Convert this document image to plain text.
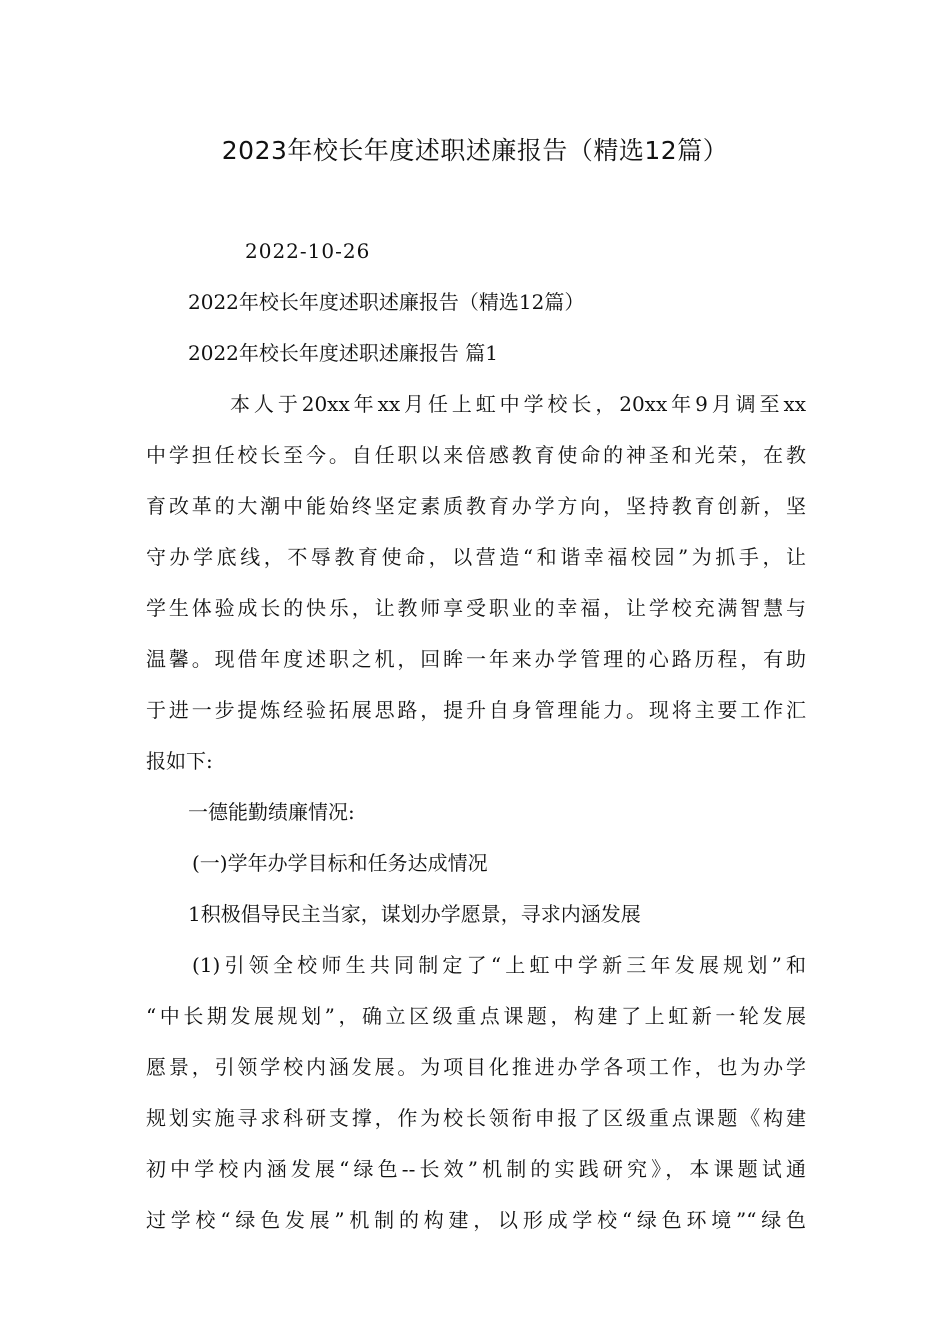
2023年校长年度述职述廉报告（精选12篇）
2022-10-26
2022年校长年度述职述廉报告（精选12篇）
2022年校长年度述职述廉报告 篇1
本人于20xx年xx月任上虹中学校长，20xx年9月调至xx
中学担任校长至今。自任职以来倍感教育使命的神圣和光荣，在教
育改革的大潮中能始终坚定素质教育办学方向，坚持教育创新，坚
守办学底线，不辱教育使命，以营造“和谐幸福校园”为抓手，让
学生体验成长的快乐，让教师享受职业的幸福，让学校充满智慧与
温馨。现借年度述职之机，回眸一年来办学管理的心路历程，有助
于进一步提炼经验拓展思路，提升自身管理能力。现将主要工作汇
报如下:
一德能勤绩廉情况:
(一)学年办学目标和任务达成情况
1积极倡导民主当家，谋划办学愿景，寻求内涵发展
(1)引领全校师生共同制定了“上虹中学新三年发展规划”和
“中长期发展规划”，确立区级重点课题，构建了上虹新一轮发展
愿景，引领学校内涵发展。为项目化推进办学各项工作，也为办学
规划实施寻求科研支撑，作为校长领衔申报了区级重点课题《构建
初中学校内涵发展“绿色--长效”机制的实践研究》，本课题试通
过学校“绿色发展”机制的构建，以形成学校“绿色环境”“绿色
